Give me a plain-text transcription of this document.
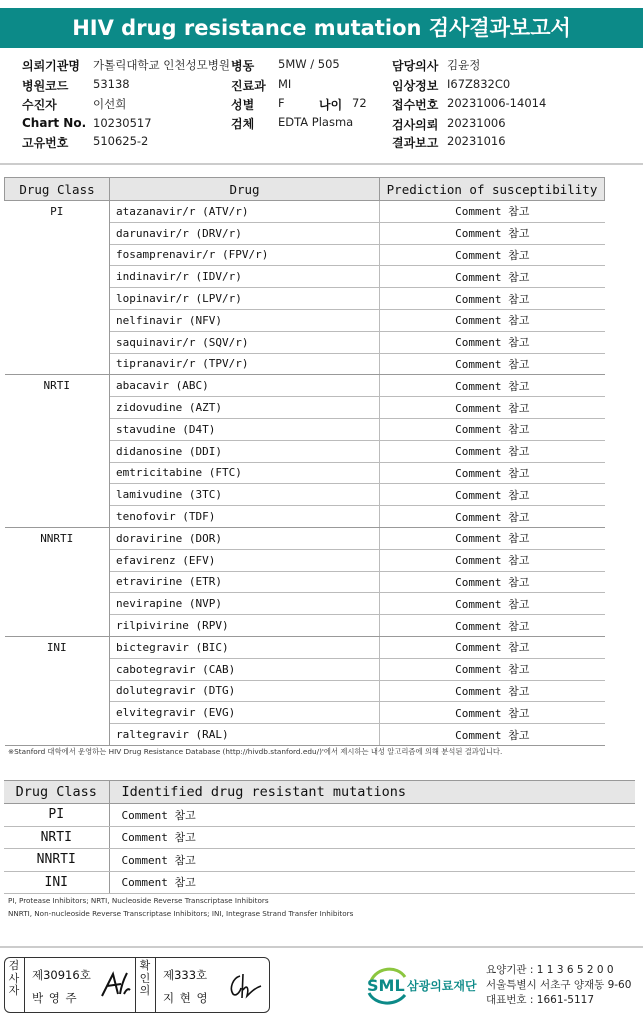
HIV drug resistance mutation 검사결과보고서
의뢰기관명 가톨릭대학교 인천성모병원 병동 5MW / 505	담당의사 김윤정
병원코드 53138	진료과 MI	임상정보 I67Z832C0
수진자	이선희	성별 F	나이 72 접수번호 20231006-14014
Chart No. 10230517	검체 EDTA Plasma	검사의뢰 20231006
고유번호 510625-2	결과보고 20231016
Drug Class	Drug	Prediction of susceptibility
PI	atazanavir/r (ATV/r)	Comment 참고
	darunavir/r (DRV/r)	Comment 참고
	fosamprenavir/r (FPV/r)	Comment 참고
	indinavir/r (IDV/r)	Comment 참고
	lopinavir/r (LPV/r)	Comment 참고
	nelfinavir (NFV)	Comment 참고
	saquinavir/r (SQV/r)	Comment 참고
	tipranavir/r (TPV/r)	Comment 참고
NRTI	abacavir (ABC)	Comment 참고
	zidovudine (AZT)	Comment 참고
	stavudine (D4T)	Comment 참고
	didanosine (DDI)	Comment 참고
	emtricitabine (FTC)	Comment 참고
	lamivudine (3TC)	Comment 참고
	tenofovir (TDF)	Comment 참고
NNRTI	doravirine (DOR)	Comment 참고
	efavirenz (EFV)	Comment 참고
	etravirine (ETR)	Comment 참고
	nevirapine (NVP)	Comment 참고
	rilpivirine (RPV)	Comment 참고
INI	bictegravir (BIC)	Comment 참고
	cabotegravir (CAB)	Comment 참고
	dolutegravir (DTG)	Comment 참고
	elvitegravir (EVG)	Comment 참고
	raltegravir (RAL)	Comment 참고
※Stanford 대학에서 운영하는 HIV Drug Resistance Database (http://hivdb.stanford.edu/)'에서 제시하는 내성 알고리즘에 의해 분석된 결과입니다.
Drug Class	Identified drug resistant mutations
PI	Comment 참고
NRTI	Comment 참고
NNRTI	Comment 참고
INI	Comment 참고
PI, Protease Inhibitors; NRTI, Nucleoside Reverse Transcriptase Inhibitors
NNRTI, Non-nucleoside Reverse Transcriptase Inhibitors; INI, Integrase Strand Transfer Inhibitors
검사자
제30916호
박 영 주
확인의
제333호
지 현 영
SML 삼광의료재단
요양기관 : 1 1 3 6 5 2 0 0
서울특별시 서초구 양재동 9-60
대표번호 : 1661-5117
